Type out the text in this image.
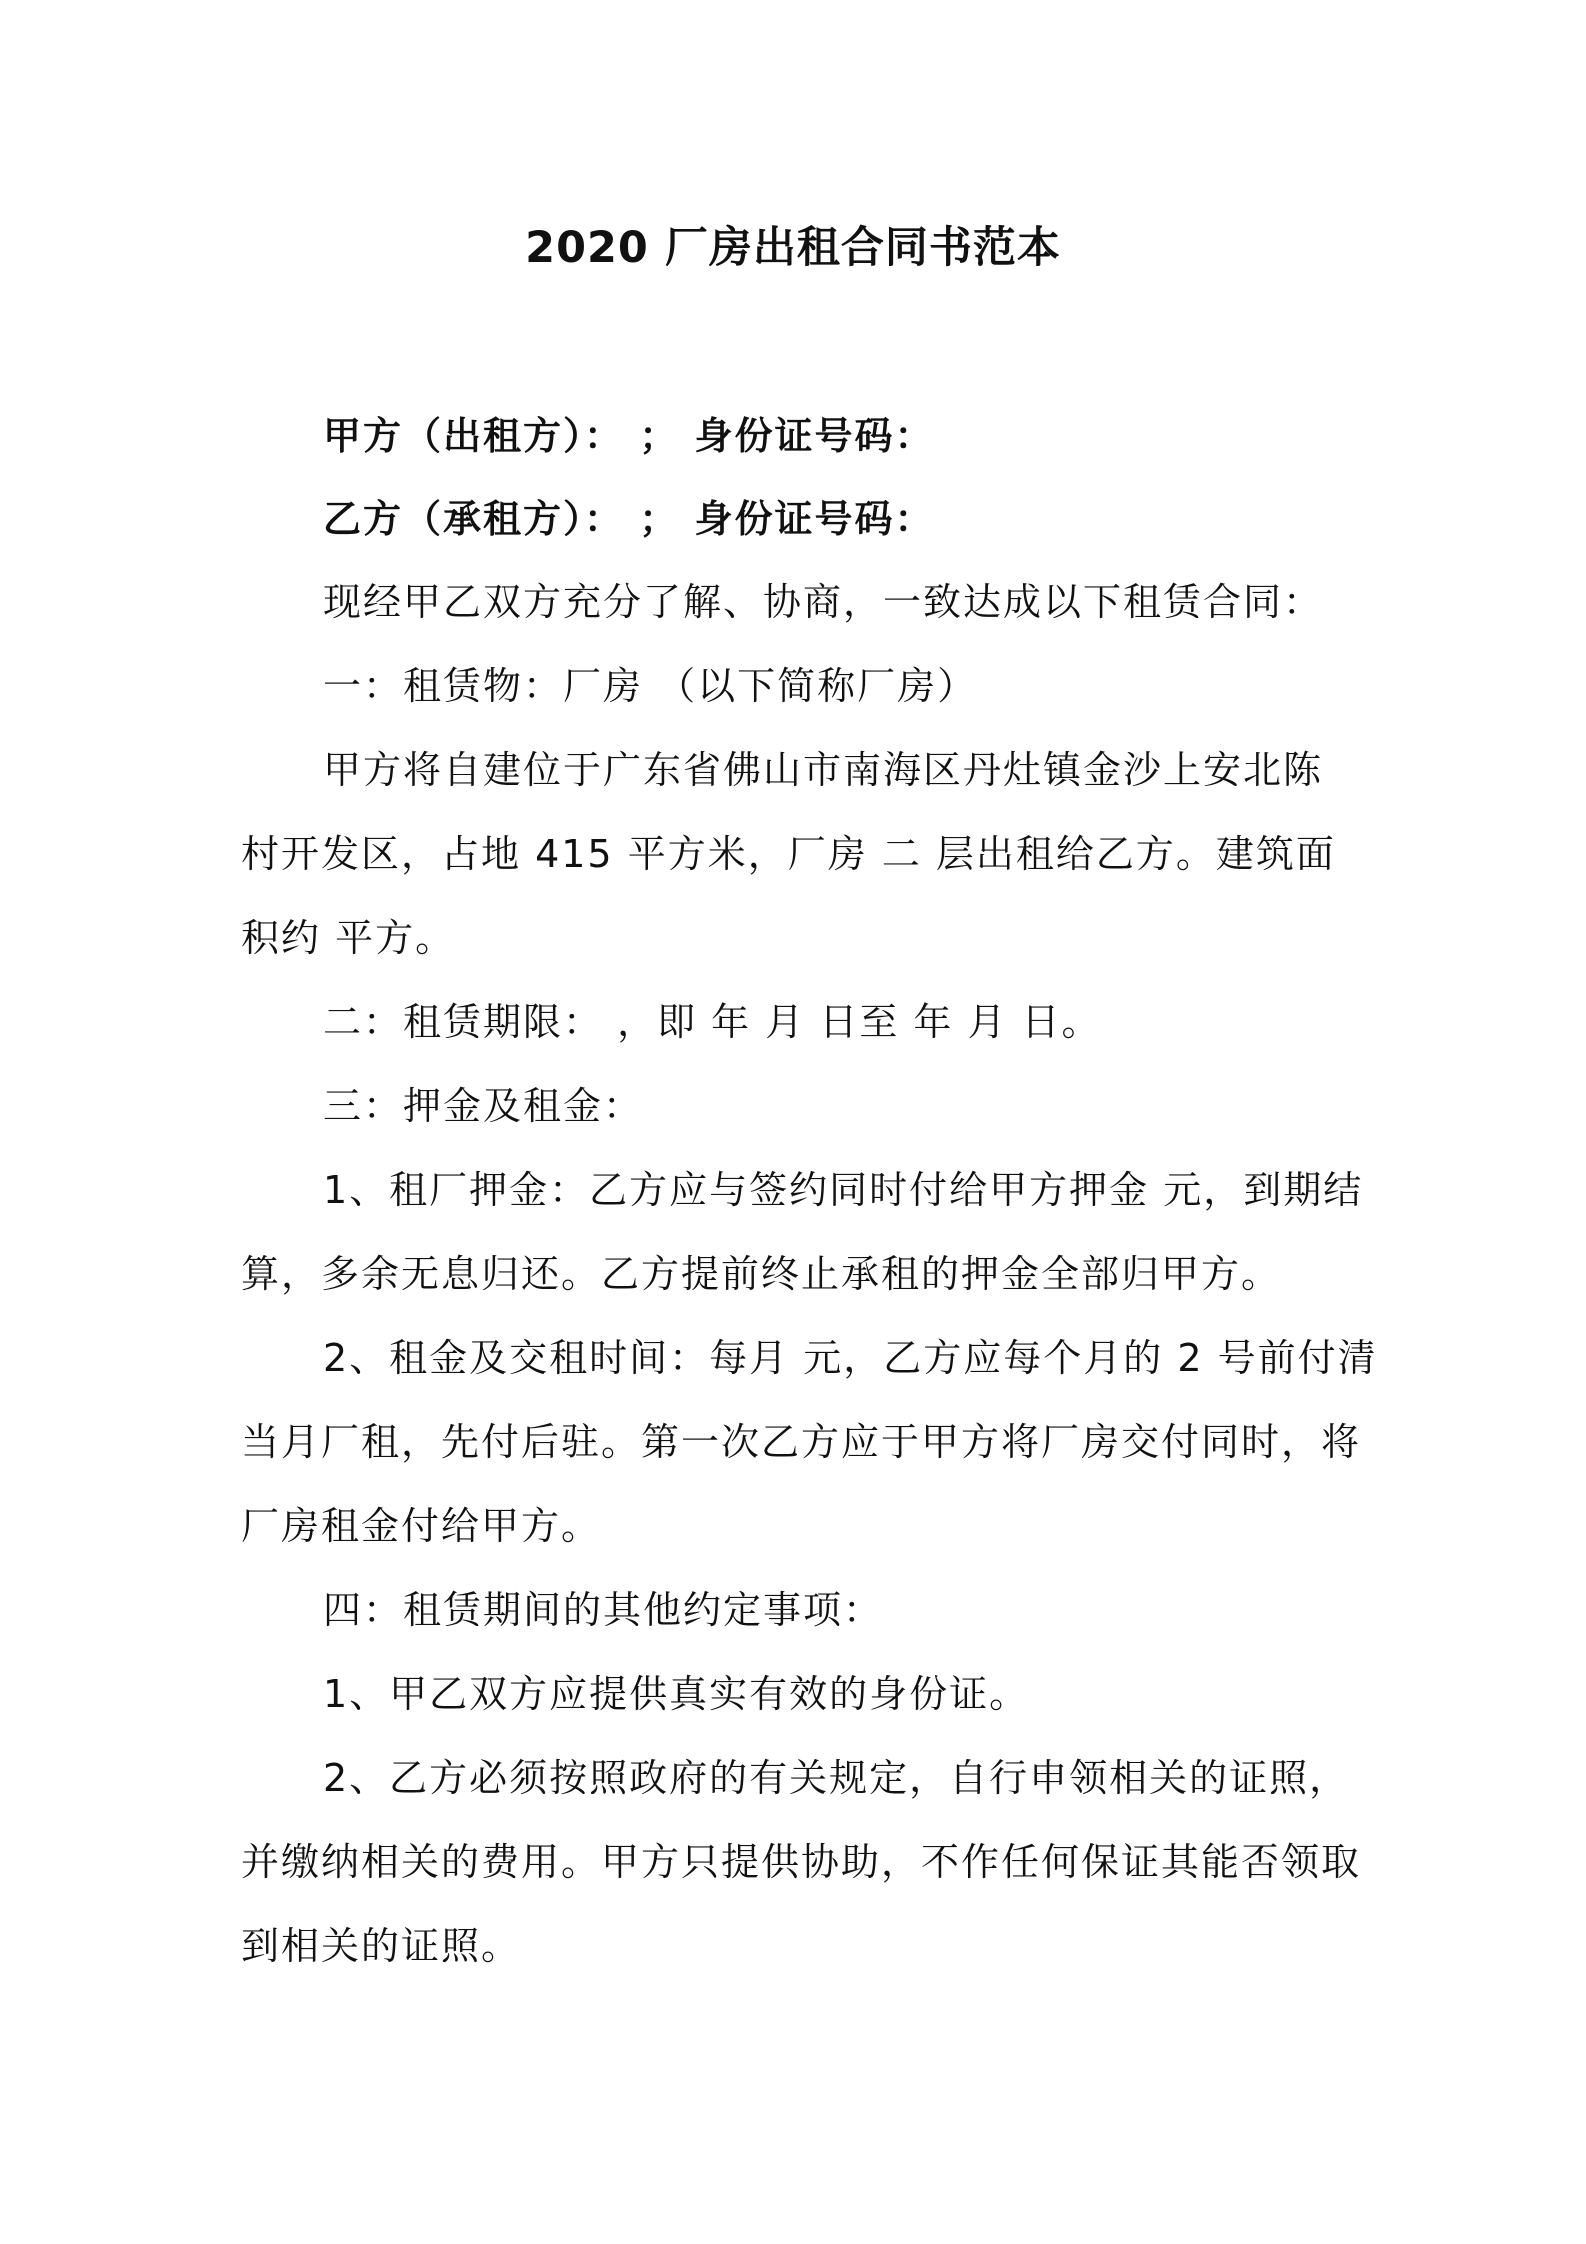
2020 厂房出租合同书范本
甲方（出租方）： ； 身份证号码：
乙方（承租方）： ； 身份证号码：
现经甲乙双方充分了解、协商，一致达成以下租赁合同：
一：租赁物：厂房 （以下简称厂房）
甲方将自建位于广东省佛山市南海区丹灶镇金沙上安北陈
村开发区，占地 415 平方米，厂房 二 层出租给乙方。建筑面
积约 平方。
二：租赁期限： ，即 年 月 日至 年 月 日。
三：押金及租金：
1、租厂押金：乙方应与签约同时付给甲方押金 元，到期结
算，多余无息归还。乙方提前终止承租的押金全部归甲方。
2、租金及交租时间：每月 元，乙方应每个月的 2 号前付清
当月厂租，先付后驻。第一次乙方应于甲方将厂房交付同时，将
厂房租金付给甲方。
四：租赁期间的其他约定事项：
1、甲乙双方应提供真实有效的身份证。
2、乙方必须按照政府的有关规定，自行申领相关的证照，
并缴纳相关的费用。甲方只提供协助，不作任何保证其能否领取
到相关的证照。
